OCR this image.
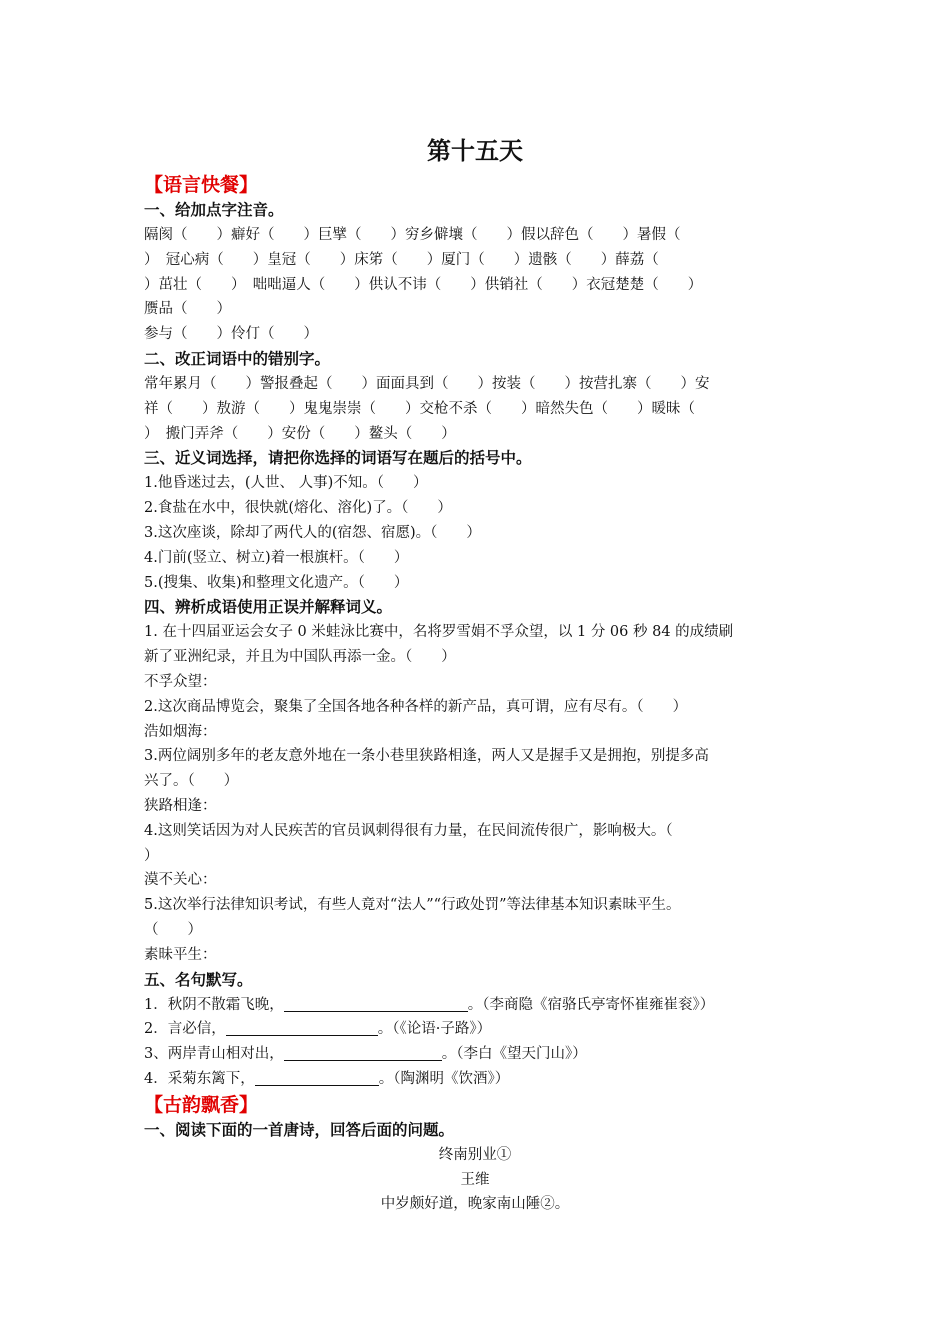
第十五天
【语言快餐】
一、给加点字注音。
隔阂（　　）癖好（　　）巨擘（　　）穷乡僻壤（　　）假以辞色（　　）暑假（
）　冠心病（　　）皇冠（　　）床笫（　　）厦门（　　）遗骸（　　）薛荔（
）茁壮（　　）　咄咄逼人（　　）供认不讳（　　）供销社（　　）衣冠楚楚（　　）
赝品（　　）
参与（　　）伶仃（　　）
二、改正词语中的错别字。
常年累月（　　）警报叠起（　　）面面具到（　　）按装（　　）按营扎寨（　　）安
祥（　　）敖游（　　）鬼鬼崇崇（　　）交枪不杀（　　）暗然失色（　　）暖昧（
）　搬门弄斧（　　）安份（　　）鳌头（　　）
三、近义词选择，请把你选择的词语写在题后的括号中。
1.他昏迷过去，(人世、 人事)不知。（　　）
2.食盐在水中，很快就(熔化、溶化)了。（　　）
3.这次座谈，除却了两代人的(宿怨、宿愿)。（　　）
4.门前(竖立、树立)着一根旗杆。（　　）
5.(搜集、收集)和整理文化遗产。（　　）
四、辨析成语使用正误并解释词义。
1. 在十四届亚运会女子 0 米蛙泳比赛中，名将罗雪娟不孚众望，以 1 分 06 秒 84 的成绩刷
新了亚洲纪录，并且为中国队再添一金。（　　）
不孚众望：
2.这次商品博览会，聚集了全国各地各种各样的新产品，真可谓，应有尽有。（　　）
浩如烟海：
3.两位阔别多年的老友意外地在一条小巷里狭路相逢，两人又是握手又是拥抱，别提多高
兴了。（　　）
狭路相逢：
4.这则笑话因为对人民疾苦的官员讽刺得很有力量，在民间流传很广，影响极大。（
）
漠不关心：
5.这次举行法律知识考试，有些人竟对“法人”“行政处罚”等法律基本知识素昧平生。
（　　）
素昧平生：
五、名句默写。
1．秋阴不散霜飞晚，	。（李商隐《宿骆氏亭寄怀崔雍崔衮》）
2．言必信，	。（《论语·子路》）
3、两岸青山相对出，	。（李白《望天门山》）
4．采菊东篱下，	。（陶渊明《饮酒》）
【古韵飘香】
一、阅读下面的一首唐诗，回答后面的问题。
终南别业①
王维
中岁颇好道，晚家南山陲②。
